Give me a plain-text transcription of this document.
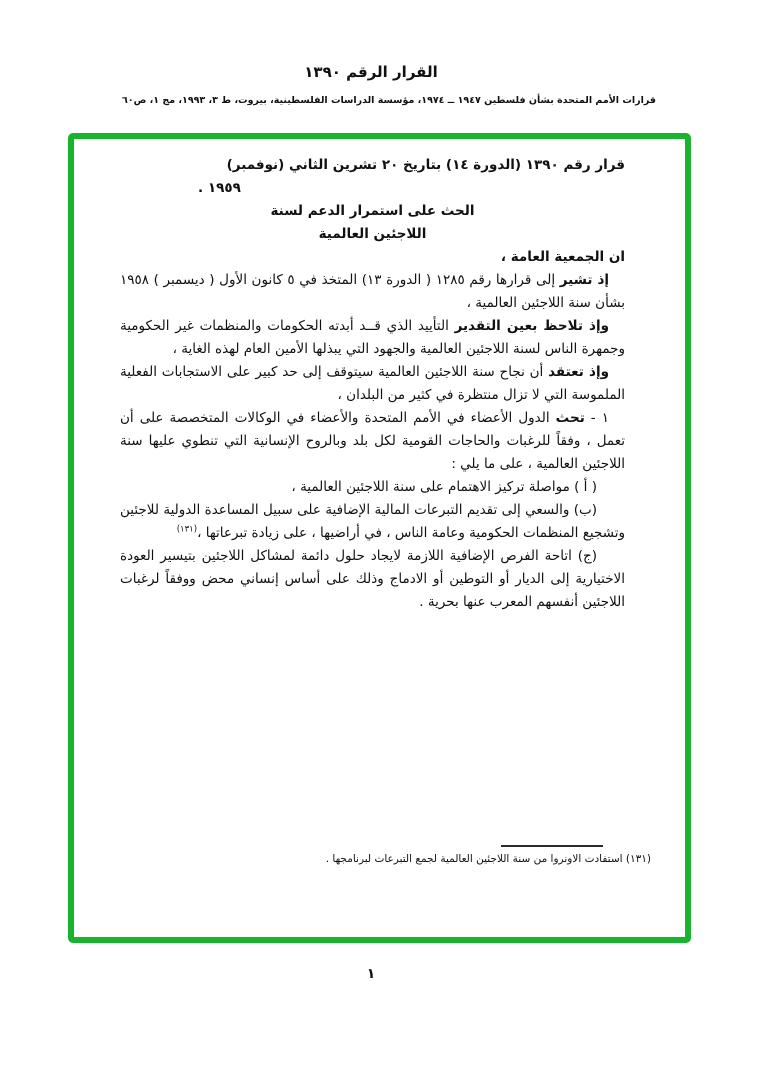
القرار الرقم ١٣٩٠
قرارات الأمم المتحدة بشأن فلسطين ١٩٤٧ ــ ١٩٧٤، مؤسسة الدراسات الفلسطينية، بيروت، ط ٣، ١٩٩٣، مج ١، ص٦٠
قرار رقم ١٣٩٠ (الدورة ١٤) بتاريخ ٢٠ تشرين الثاني (نوفمبر)
١٩٥٩ .
الحث على استمرار الدعم لسنة
اللاجئين العالمية

ان الجمعية العامة ،

إذ تشير إلى قرارها رقم ١٢٨٥ ( الدورة ١٣) المتخذ في ٥ كانون الأول ( ديسمبر ) ١٩٥٨ بشأن سنة اللاجئين العالمية ،

وإذ تلاحظ بعين التقدير التأييد الذي قــد أبدته الحكومات والمنظمات غير الحكومية وجمهرة الناس لسنة اللاجئين العالمية والجهود التي يبذلها الأمين العام لهذه الغاية ،

وإذ تعتقد أن نجاح سنة اللاجئين العالمية سيتوقف إلى حد كبير على الاستجابات الفعلية الملموسة التي لا تزال منتظرة في كثير من البلدان ،

١ - تحث الدول الأعضاء في الأمم المتحدة والأعضاء في الوكالات المتخصصة على أن تعمل ، وفقاً للرغبات والحاجات القومية لكل بلد وبالروح الإنسانية التي تنطوي عليها سنة اللاجئين العالمية ، على ما يلي :

( أ ) مواصلة تركيز الاهتمام على سنة اللاجئين العالمية ،

(ب) والسعي إلى تقديم التبرعات المالية الإضافية على سبيل المساعدة الدولية للاجئين وتشجيع المنظمات الحكومية وعامة الناس ، في أراضيها ، على زيادة تبرعاتها ،$^{(١٣١)}$

(ج) اتاحة الفرص الإضافية اللازمة لايجاد حلول دائمة لمشاكل اللاجئين بتيسير العودة الاختيارية إلى الديار أو التوطين أو الادماج وذلك على أساس إنساني محض ووفقاً لرغبات اللاجئين أنفسهم المعرب عنها بحرية .

(١٣١) استفادت الاونروا من سنة اللاجئين العالمية لجمع التبرعات لبرنامجها .
١
